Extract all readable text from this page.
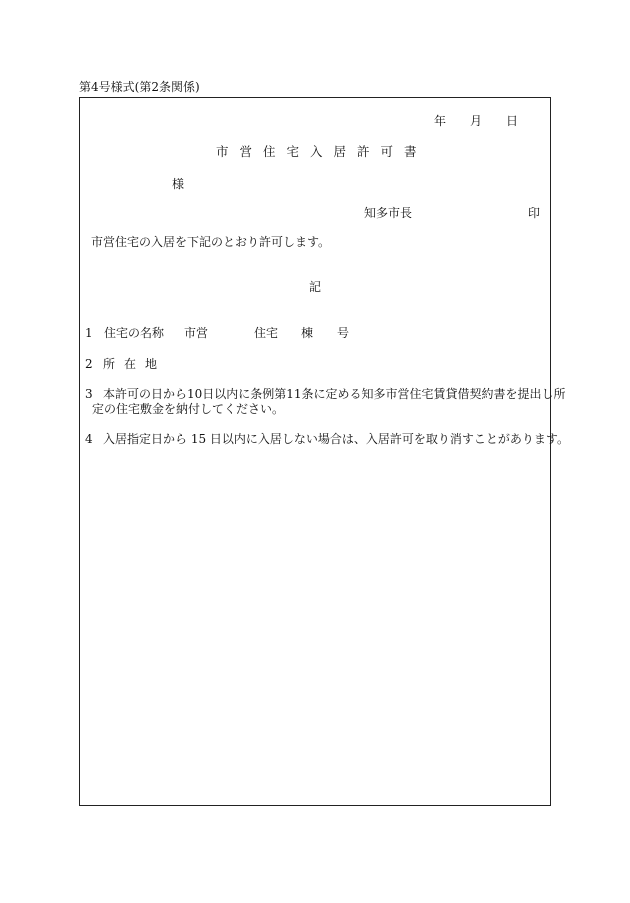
第4号様式(第2条関係)
年 月 日
市営住宅入居許可書
様
知多市長	印
市営住宅の入居を下記のとおり許可します。
記
1 住宅の名称 市営	住宅 棟 号
2 所在地
3 本許可の日から10日以内に条例第11条に定める知多市営住宅賃貸借契約書を提出し所
定の住宅敷金を納付してください。
4 入居指定日から 15 日以内に入居しない場合は、入居許可を取り消すことがあります。
